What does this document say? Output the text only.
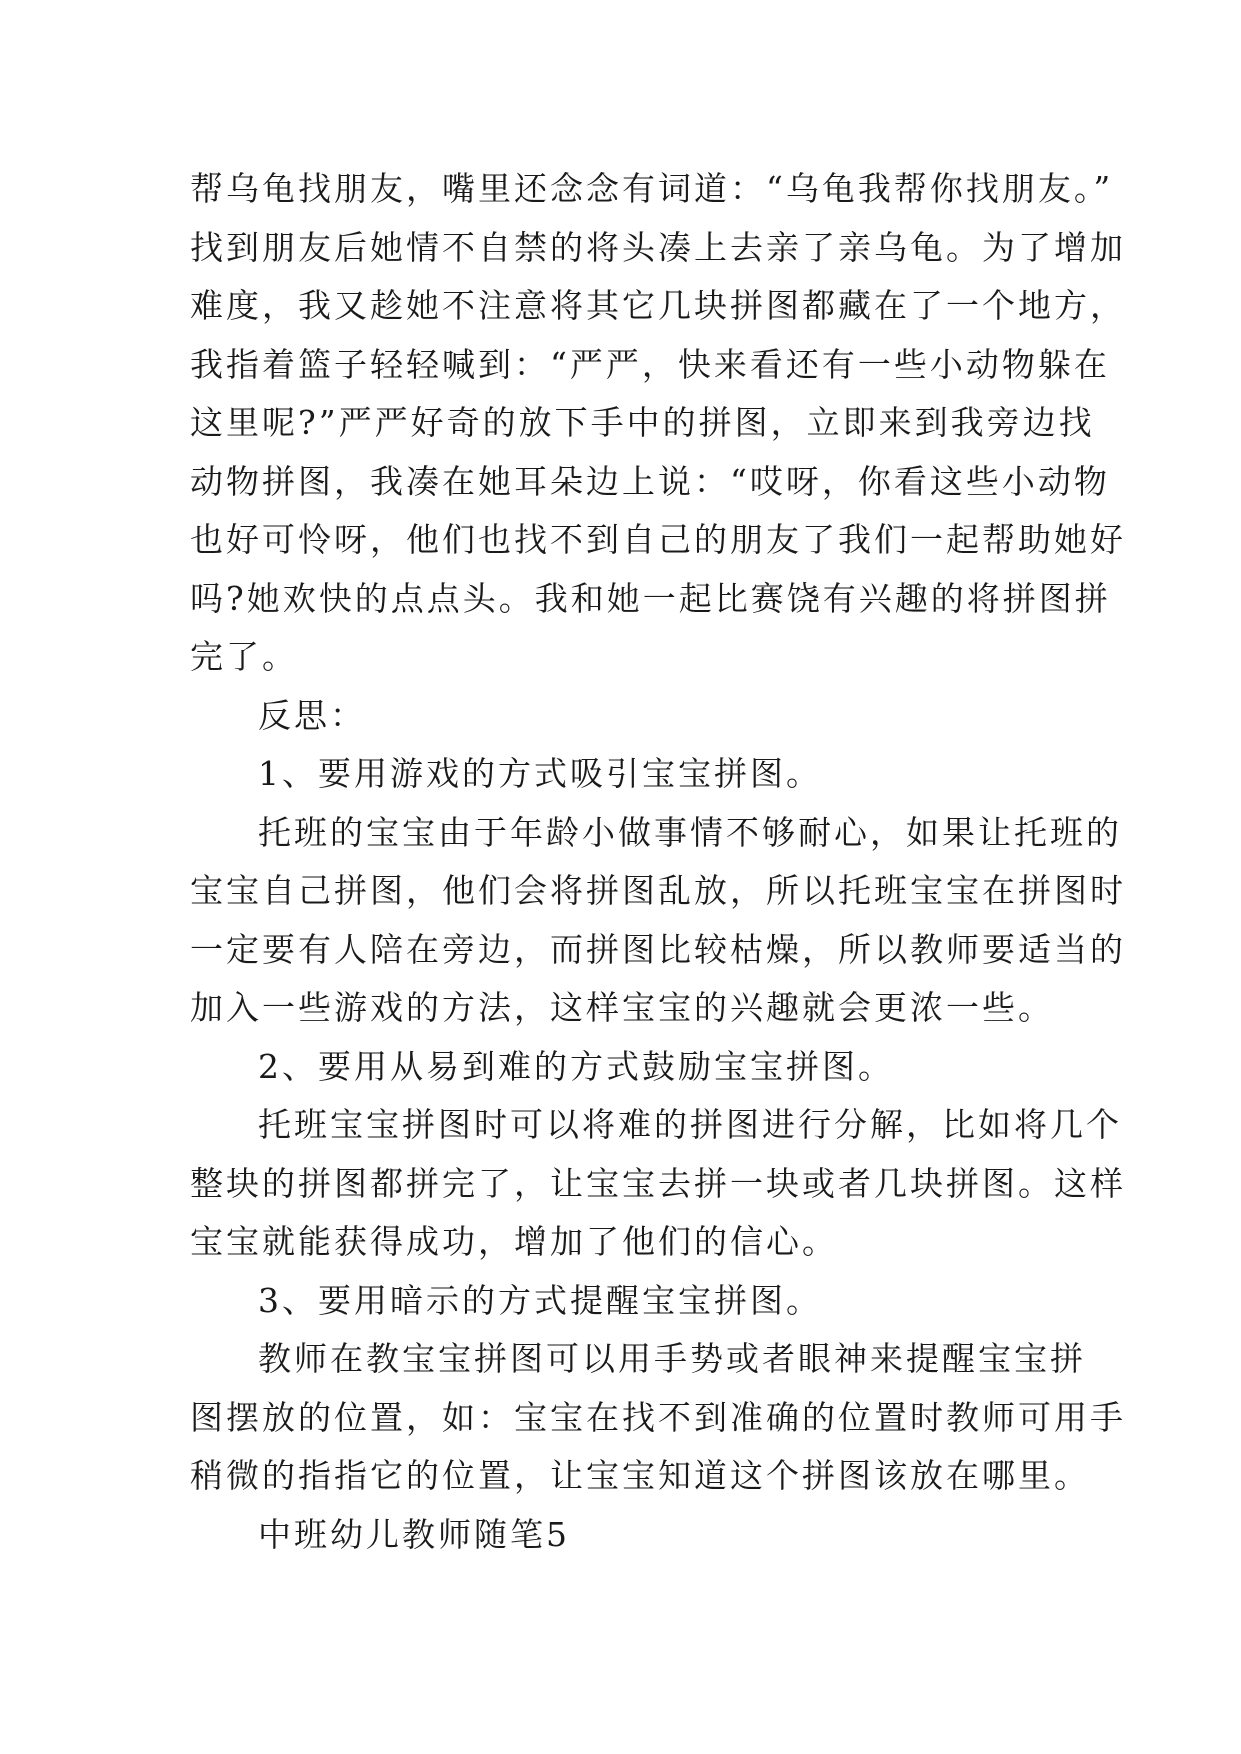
帮乌龟找朋友，嘴里还念念有词道：“乌龟我帮你找朋友。”
找到朋友后她情不自禁的将头凑上去亲了亲乌龟。为了增加
难度，我又趁她不注意将其它几块拼图都藏在了一个地方，
我指着篮子轻轻喊到：“严严，快来看还有一些小动物躲在
这里呢?”严严好奇的放下手中的拼图，立即来到我旁边找
动物拼图，我凑在她耳朵边上说：“哎呀，你看这些小动物
也好可怜呀，他们也找不到自己的朋友了我们一起帮助她好
吗?她欢快的点点头。我和她一起比赛饶有兴趣的将拼图拼
完了。

反思：

1、要用游戏的方式吸引宝宝拼图。

托班的宝宝由于年龄小做事情不够耐心，如果让托班的
宝宝自己拼图，他们会将拼图乱放，所以托班宝宝在拼图时
一定要有人陪在旁边，而拼图比较枯燥，所以教师要适当的
加入一些游戏的方法，这样宝宝的兴趣就会更浓一些。

2、要用从易到难的方式鼓励宝宝拼图。

托班宝宝拼图时可以将难的拼图进行分解，比如将几个
整块的拼图都拼完了，让宝宝去拼一块或者几块拼图。这样
宝宝就能获得成功，增加了他们的信心。

3、要用暗示的方式提醒宝宝拼图。

教师在教宝宝拼图可以用手势或者眼神来提醒宝宝拼
图摆放的位置，如：宝宝在找不到准确的位置时教师可用手
稍微的指指它的位置，让宝宝知道这个拼图该放在哪里。

中班幼儿教师随笔5
